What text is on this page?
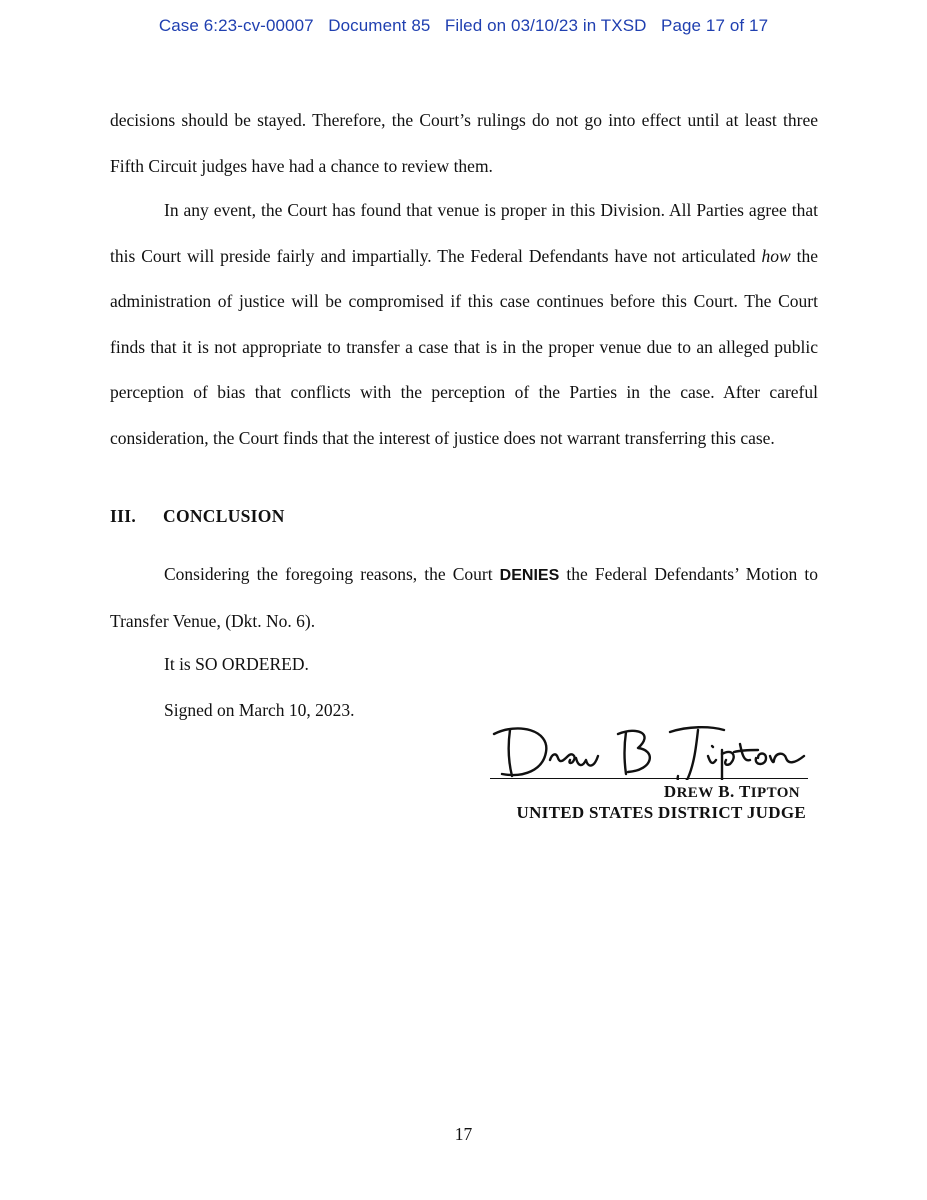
Case 6:23-cv-00007 Document 85 Filed on 03/10/23 in TXSD Page 17 of 17
decisions should be stayed. Therefore, the Court’s rulings do not go into effect until at least three Fifth Circuit judges have had a chance to review them.
In any event, the Court has found that venue is proper in this Division. All Parties agree that this Court will preside fairly and impartially. The Federal Defendants have not articulated how the administration of justice will be compromised if this case continues before this Court. The Court finds that it is not appropriate to transfer a case that is in the proper venue due to an alleged public perception of bias that conflicts with the perception of the Parties in the case. After careful consideration, the Court finds that the interest of justice does not warrant transferring this case.
III. CONCLUSION
Considering the foregoing reasons, the Court DENIES the Federal Defendants’ Motion to Transfer Venue, (Dkt. No. 6).
It is SO ORDERED.
Signed on March 10, 2023.
DREW B. TIPTON
UNITED STATES DISTRICT JUDGE
17
